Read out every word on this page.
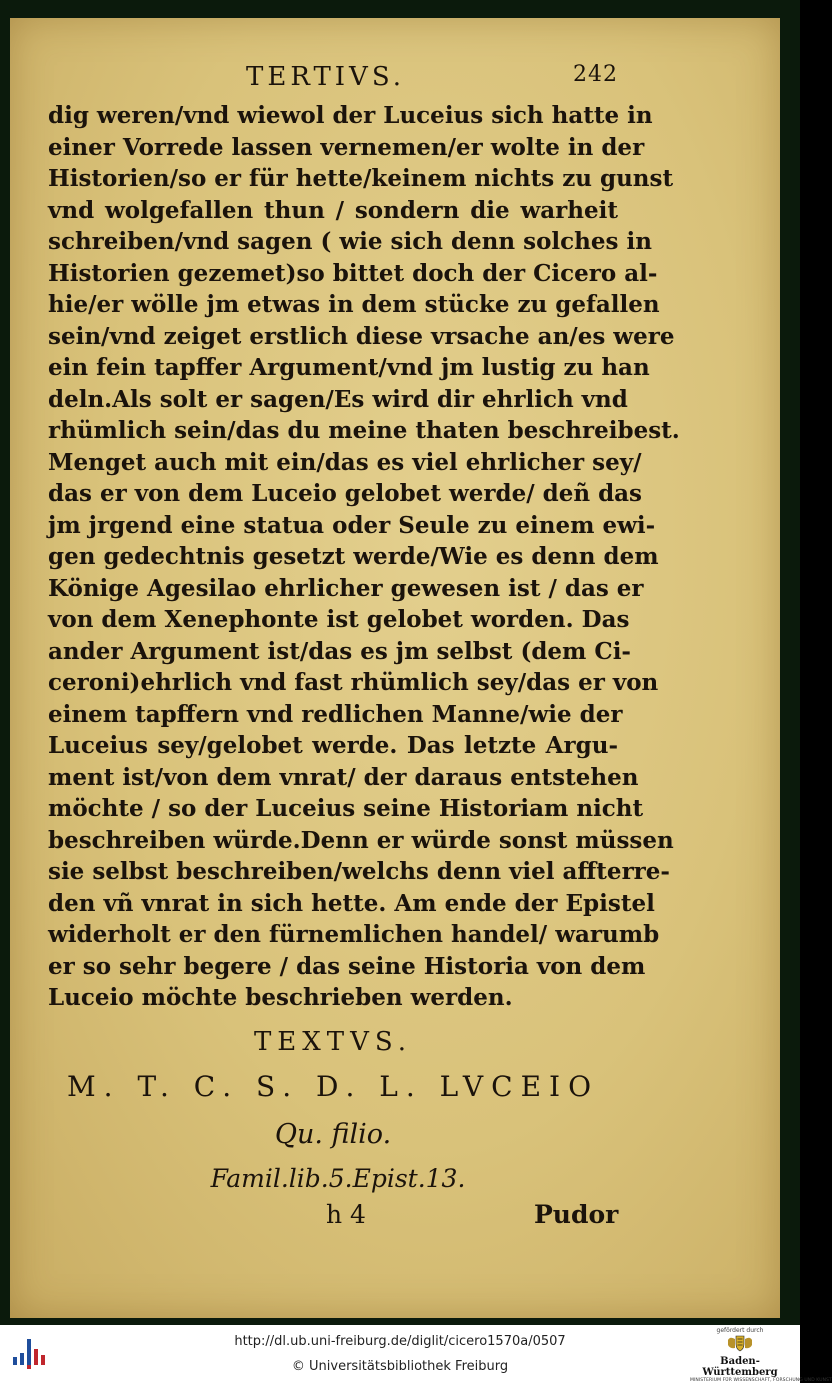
TERTIVS.	242
dig weren/vnd wiewol der Luceius sich hatte in
einer Vorrede lassen vernemen/er wolte in der
Historien/so er für hette/keinem nichts zu gunst
vnd wolgefallen thun / sondern die warheit
schreiben/vnd sagen ( wie sich denn solches in
Historien gezemet)so bittet doch der Cicero al-
hie/er wölle jm etwas in dem stücke zu gefallen
sein/vnd zeiget erstlich diese vrsache an/es were
ein fein tapffer Argument/vnd jm lustig zu han
deln.Als solt er sagen/Es wird dir ehrlich vnd
rhümlich sein/das du meine thaten beschreibest.
Menget auch mit ein/das es viel ehrlicher sey/
das er von dem Luceio gelobet werde/ deñ das
jm jrgend eine statua oder Seule zu einem ewi-
gen gedechtnis gesetzt werde/Wie es denn dem
Könige Agesilao ehrlicher gewesen ist / das er
von dem Xenephonte ist gelobet worden. Das
ander Argument ist/das es jm selbst (dem Ci-
ceroni)ehrlich vnd fast rhümlich sey/das er von
einem tapffern vnd redlichen Manne/wie der
Luceius sey/gelobet werde. Das letzte Argu-
ment ist/von dem vnrat/ der daraus entstehen
möchte / so der Luceius seine Historiam nicht
beschreiben würde.Denn er würde sonst müssen
sie selbst beschreiben/welchs denn viel affterre-
den vñ vnrat in sich hette. Am ende der Epistel
widerholt er den fürnemlichen handel/ warumb
er so sehr begere / das seine Historia von dem
Luceio möchte beschrieben werden.
TEXTVS.
M. T. C. S. D. L. LVCEIO
Qu. filio.
Famil.lib.5.Epist.13.
h 4	Pudor
http://dl.ub.uni-freiburg.de/diglit/cicero1570a/0507
© Universitätsbibliothek Freiburg
gefördert durch
Baden-Württemberg
MINISTERIUM FÜR WISSENSCHAFT, FORSCHUNG UND KUNST
